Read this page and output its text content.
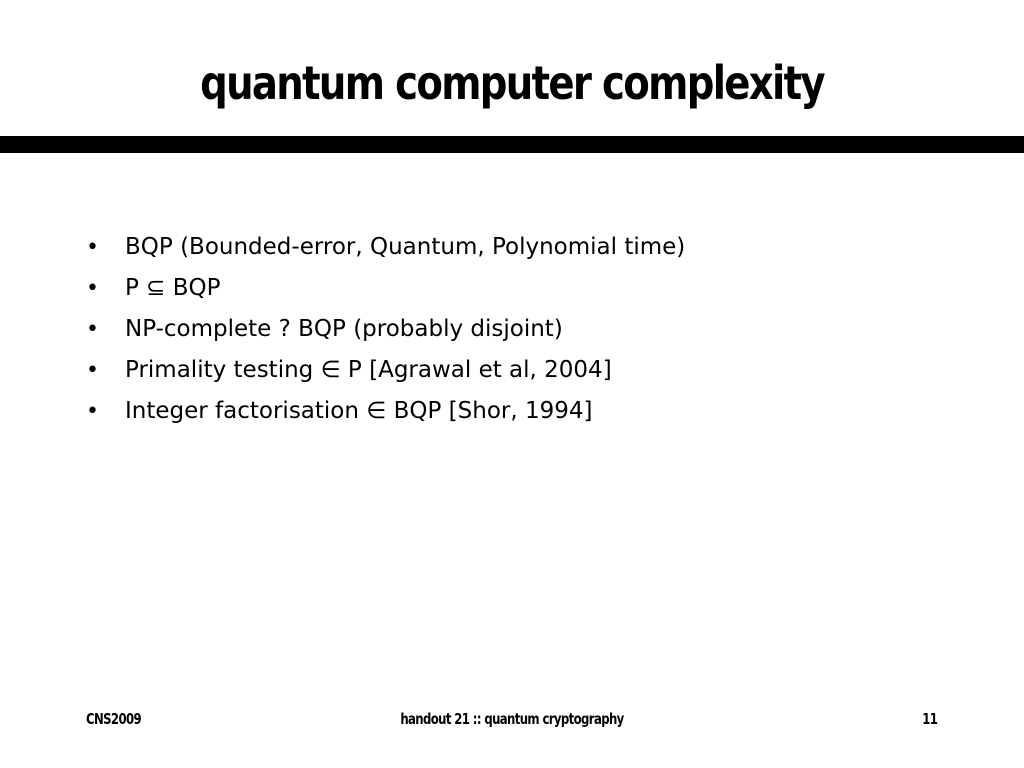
quantum computer complexity
•	BQP (Bounded-error, Quantum, Polynomial time)
•	P ⊆ BQP
•	NP-complete ? BQP (probably disjoint)
•	Primality testing ∈ P [Agrawal et al, 2004]
•	Integer factorisation ∈ BQP [Shor, 1994]
CNS2009	handout 21 :: quantum cryptography	11
